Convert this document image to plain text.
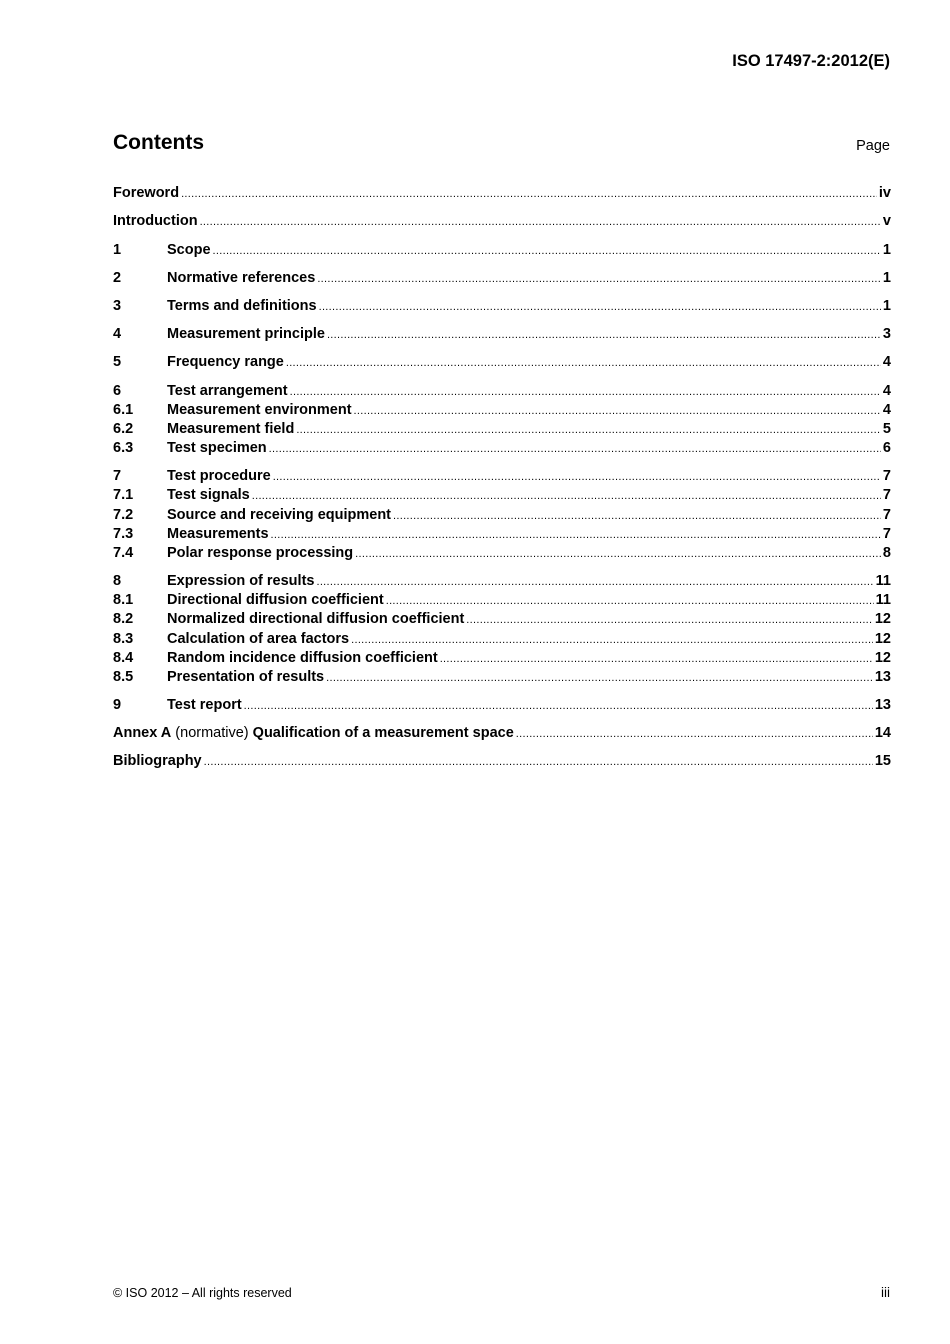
ISO 17497-2:2012(E)
Contents	Page
Foreword .....	iv
Introduction .....	v
1	Scope .....	1
2	Normative references .....	1
3	Terms and definitions .....	1
4	Measurement principle .....	3
5	Frequency range .....	4
6	Test arrangement .....	4
6.1	Measurement environment .....	4
6.2	Measurement field .....	5
6.3	Test specimen .....	6
7	Test procedure .....	7
7.1	Test signals .....	7
7.2	Source and receiving equipment .....	7
7.3	Measurements .....	7
7.4	Polar response processing .....	8
8	Expression of results .....	11
8.1	Directional diffusion coefficient .....	11
8.2	Normalized directional diffusion coefficient .....	12
8.3	Calculation of area factors .....	12
8.4	Random incidence diffusion coefficient .....	12
8.5	Presentation of results .....	13
9	Test report .....	13
Annex A (normative) Qualification of a measurement space .....	14
Bibliography .....	15
© ISO 2012 – All rights reserved	iii
